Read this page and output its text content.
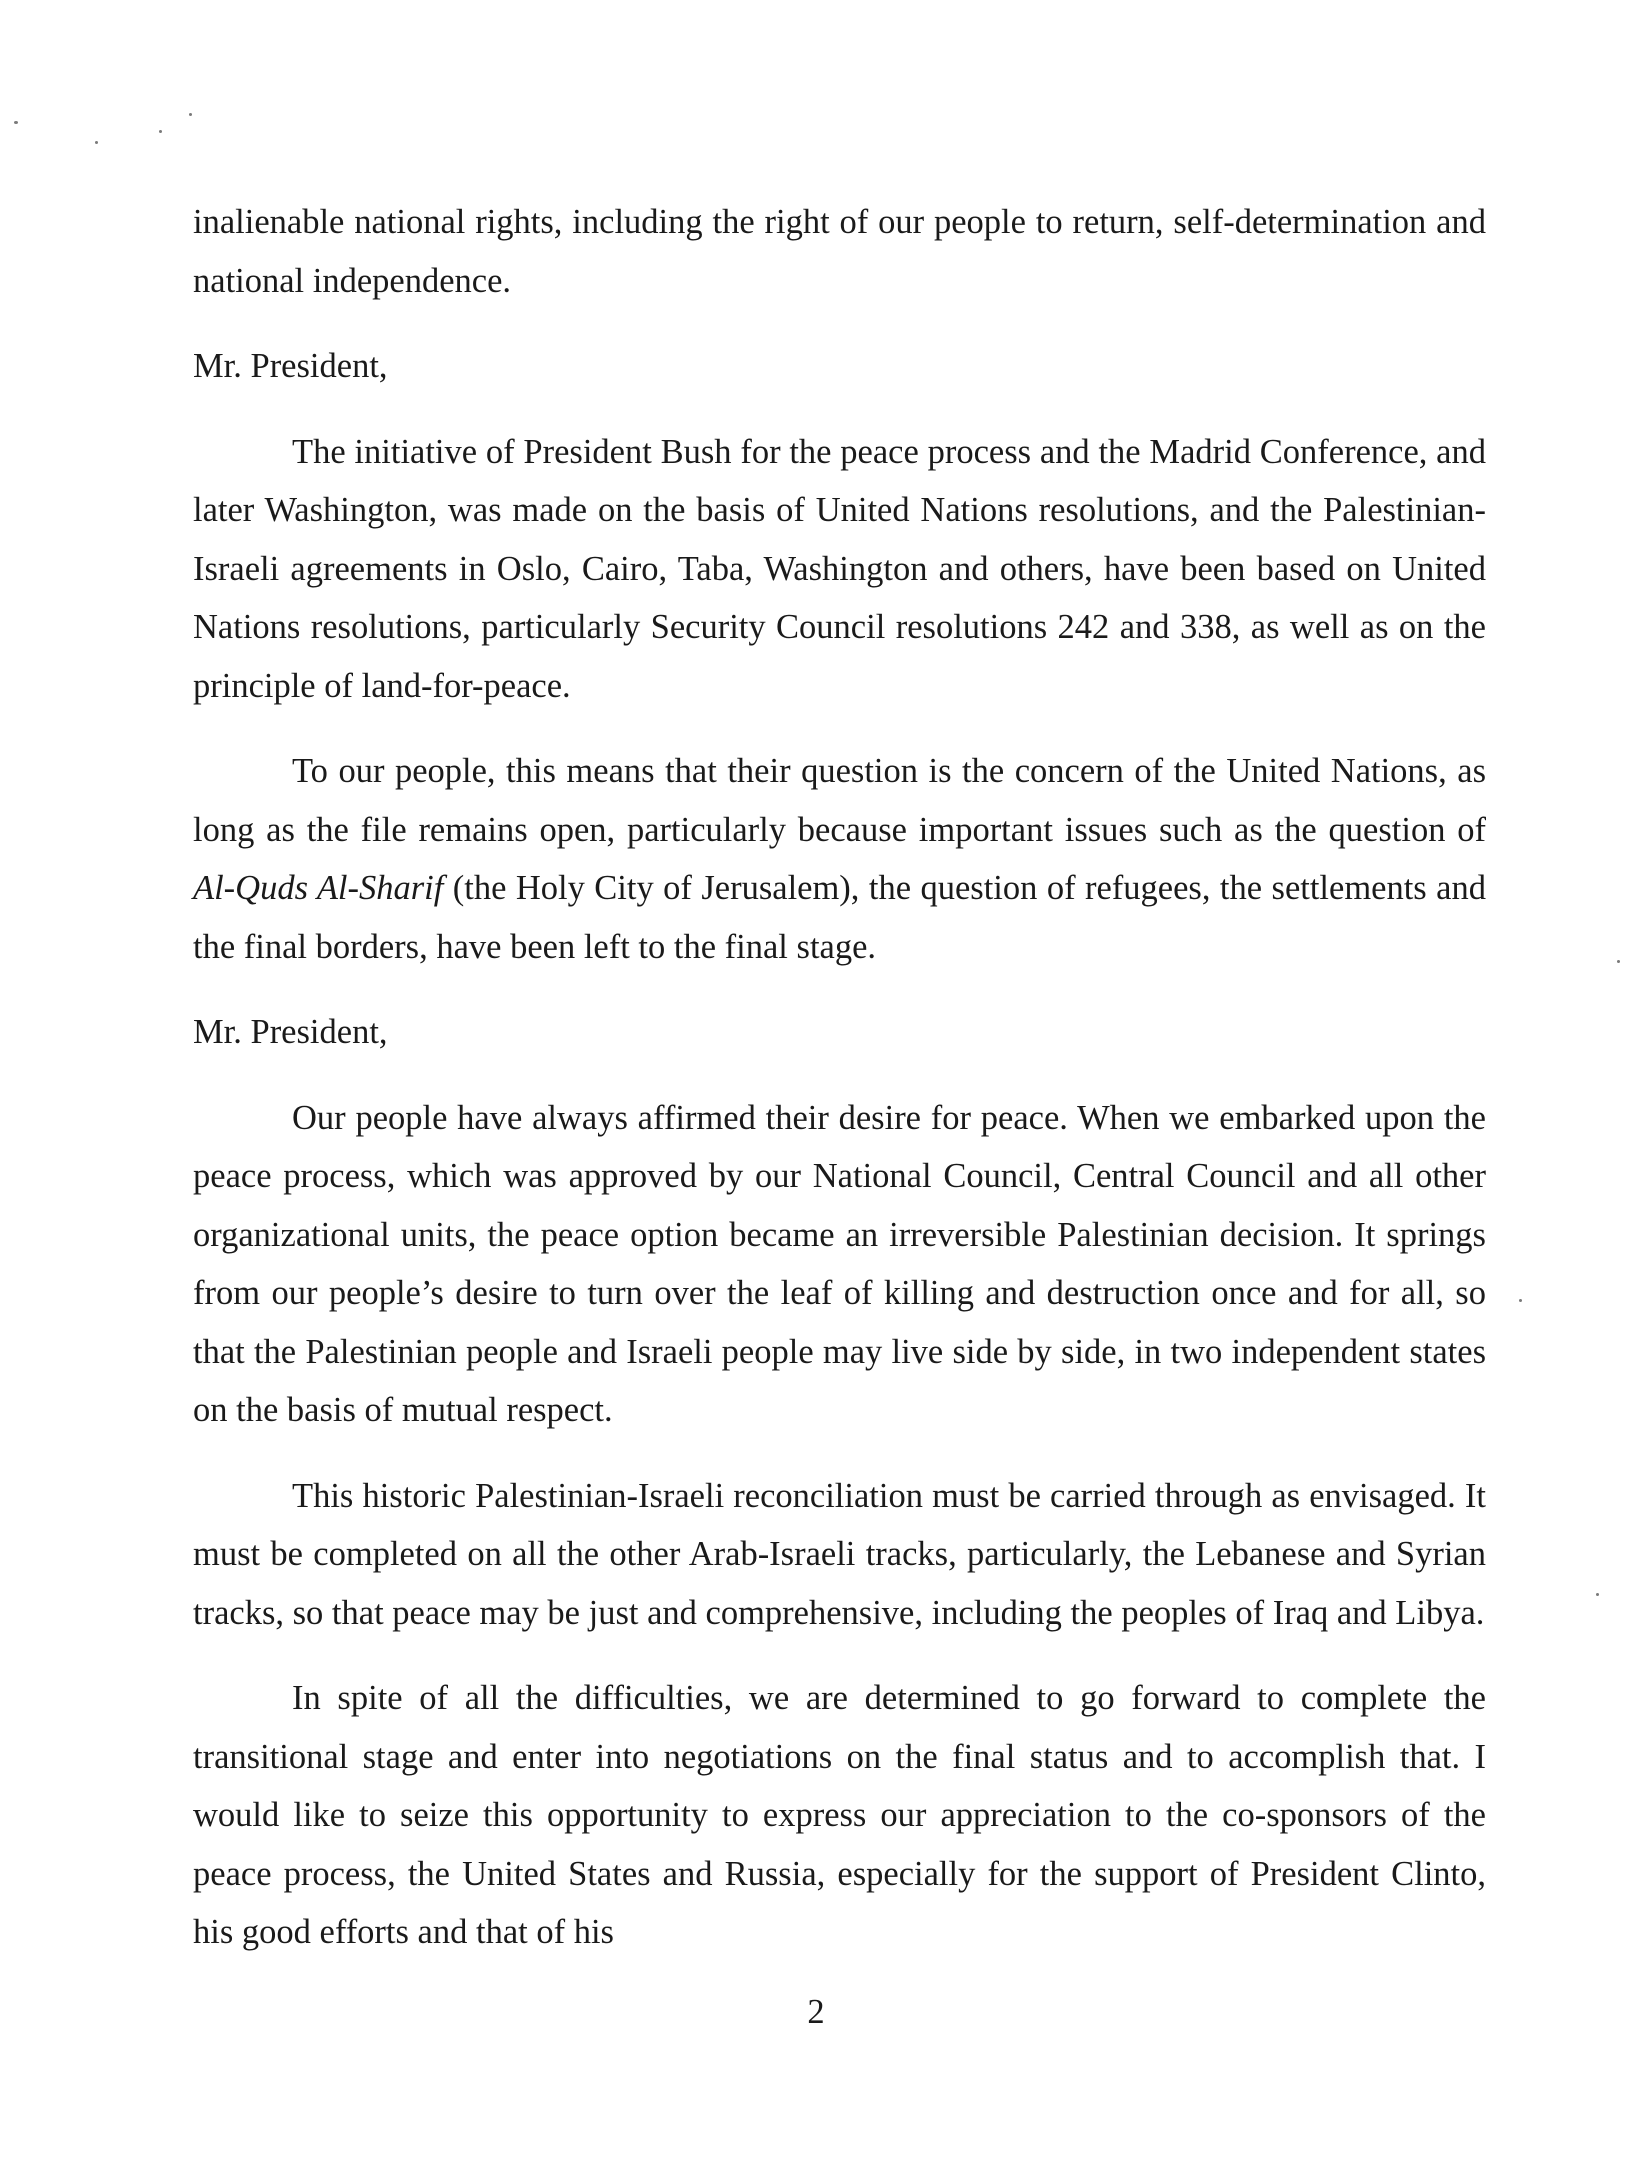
inalienable national rights, including the right of our people to return, self-determination and national independence.

Mr. President,

The initiative of President Bush for the peace process and the Madrid Conference, and later Washington, was made on the basis of United Nations resolutions, and the Palestinian-Israeli agreements in Oslo, Cairo, Taba, Washington and others, have been based on United Nations resolutions, particularly Security Council resolutions 242 and 338, as well as on the principle of land-for-peace.

To our people, this means that their question is the concern of the United Nations, as long as the file remains open, particularly because important issues such as the question of Al-Quds Al-Sharif (the Holy City of Jerusalem), the question of refugees, the settlements and the final borders, have been left to the final stage.

Mr. President,

Our people have always affirmed their desire for peace. When we embarked upon the peace process, which was approved by our National Council, Central Council and all other organizational units, the peace option became an irreversible Palestinian decision. It springs from our people’s desire to turn over the leaf of killing and destruction once and for all, so that the Palestinian people and Israeli people may live side by side, in two independent states on the basis of mutual respect.

This historic Palestinian-Israeli reconciliation must be carried through as envisaged. It must be completed on all the other Arab-Israeli tracks, particularly, the Lebanese and Syrian tracks, so that peace may be just and comprehensive, including the peoples of Iraq and Libya.

In spite of all the difficulties, we are determined to go forward to complete the transitional stage and enter into negotiations on the final status and to accomplish that. I would like to seize this opportunity to express our appreciation to the co-sponsors of the peace process, the United States and Russia, especially for the support of President Clinto, his good efforts and that of his

2
